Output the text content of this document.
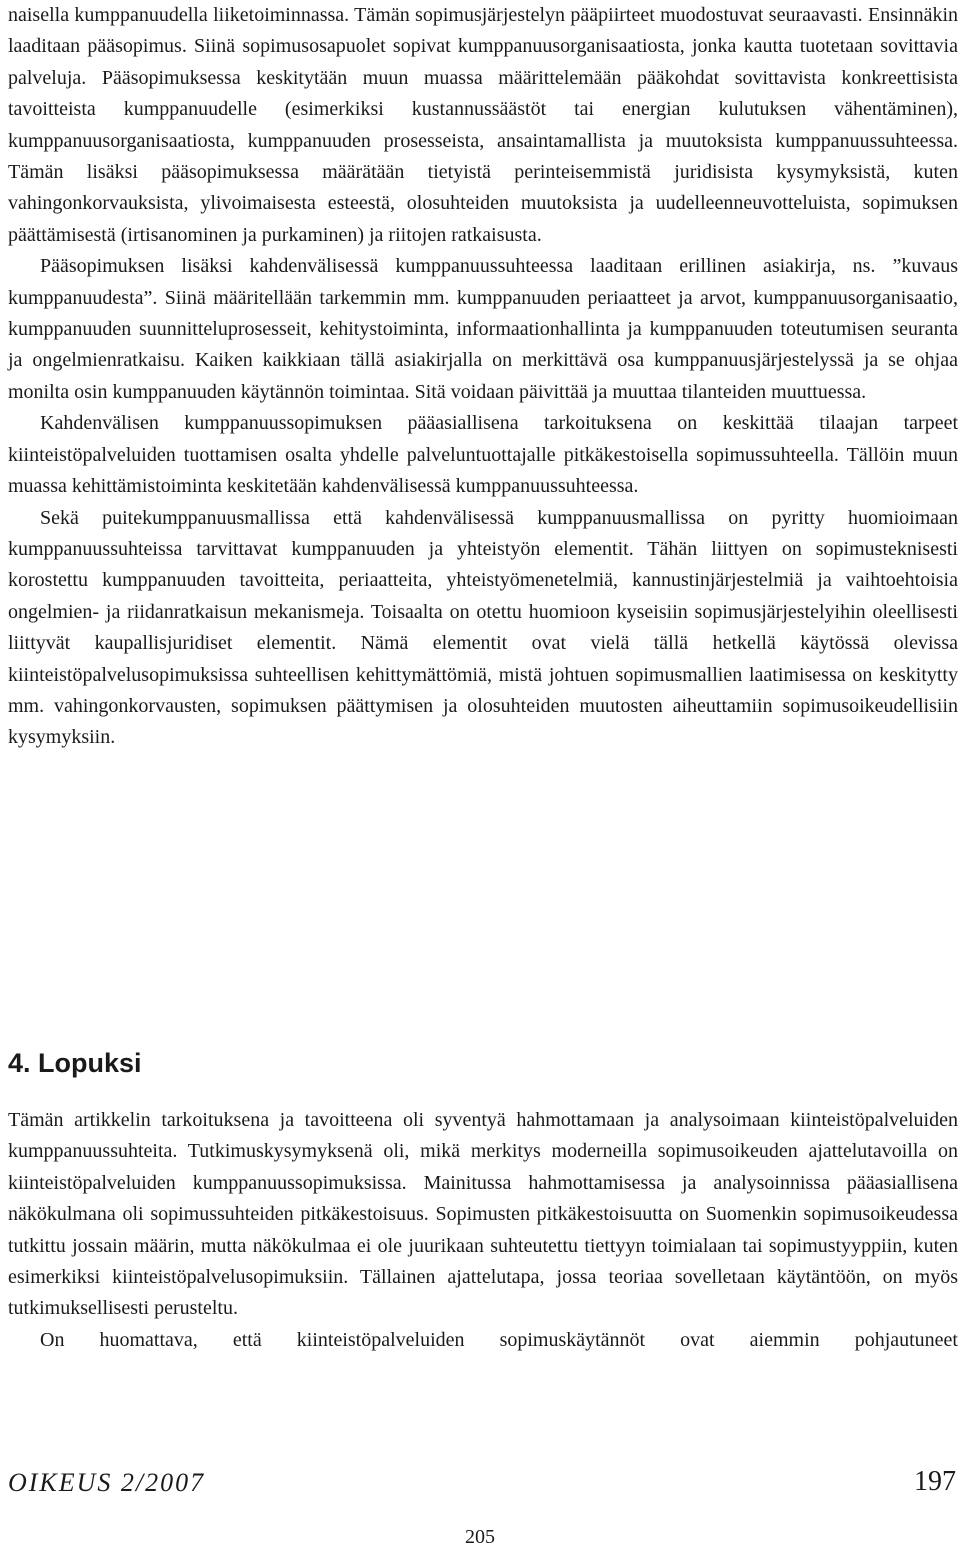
naisella kumppanuudella liiketoiminnassa. Tämän sopimusjärjestelyn pääpiirteet muodostuvat seuraavasti. Ensinnäkin laaditaan pääsopimus. Siinä sopimusosapuolet sopivat kumppanuusorganisaatiosta, jonka kautta tuotetaan sovittavia palveluja. Pääsopimuksessa keskitytään muun muassa määrittelemään pääkohdat sovittavista konkreettisista tavoitteista kumppanuudelle (esimerkiksi kustannussäästöt tai energian kulutuksen vähentäminen), kumppanuusorganisaatiosta, kumppanuuden prosesseista, ansaintamallista ja muutoksista kumppanuussuhteessa. Tämän lisäksi pääsopimuksessa määrätään tietyistä perinteisemmistä juridisista kysymyksistä, kuten vahingonkorvauksista, ylivoimaisesta esteestä, olosuhteiden muutoksista ja uudelleenneuvotteluista, sopimuksen päättämisestä (irtisanominen ja purkaminen) ja riitojen ratkaisusta.

Pääsopimuksen lisäksi kahdenvälisessä kumppanuussuhteessa laaditaan erillinen asiakirja, ns. ”kuvaus kumppanuudesta”. Siinä määritellään tarkemmin mm. kumppanuuden periaatteet ja arvot, kumppanuusorganisaatio, kumppanuuden suunnitteluprosesseit, kehitystoiminta, informaationhallinta ja kumppanuuden toteutumisen seuranta ja ongelmienratkaisu. Kaiken kaikkiaan tällä asiakirjalla on merkittävä osa kumppanuusjärjestelyssä ja se ohjaa monilta osin kumppanuuden käytännön toimintaa. Sitä voidaan päivittää ja muuttaa tilanteiden muuttuessa.

Kahdenvälisen kumppanuussopimuksen pääasiallisena tarkoituksena on keskittää tilaajan tarpeet kiinteistöpalveluiden tuottamisen osalta yhdelle palveluntuottajalle pitkäkestoisella sopimussuhteella. Tällöin muun muassa kehittämistoiminta keskitetään kahdenvälisessä kumppanuussuhteessa.

Sekä puitekumppanuusmallissa että kahdenvälisessä kumppanuusmallissa on pyritty huomioimaan kumppanuussuhteissa tarvittavat kumppanuuden ja yhteistyön elementit. Tähän liittyen on sopimusteknisesti korostettu kumppanuuden tavoitteita, periaatteita, yhteistyömenetelmiä, kannustinjärjestelmiä ja vaihtoehtoisia ongelmien- ja riidanratkaisun mekanismeja. Toisaalta on otettu huomioon kyseisiin sopimusjärjestelyihin oleellisesti liittyvät kaupallisjuridiset elementit. Nämä elementit ovat vielä tällä hetkellä käytössä olevissa kiinteistöpalvelusopimuksissa suhteellisen kehittymättömiä, mistä johtuen sopimusmallien laatimisessa on keskitytty mm. vahingonkorvausten, sopimuksen päättymisen ja olosuhteiden muutosten aiheuttamiin sopimusoikeudellisiin kysymyksiin.

4. Lopuksi

Tämän artikkelin tarkoituksena ja tavoitteena oli syventyä hahmottamaan ja analysoimaan kiinteistöpalveluiden kumppanuussuhteita. Tutkimuskysymyksenä oli, mikä merkitys moderneilla sopimusoikeuden ajattelutavoilla on kiinteistöpalveluiden kumppanuussopimuksissa. Mainitussa hahmottamisessa ja analysoinnissa pääasiallisena näkökulmana oli sopimussuhteiden pitkäkestoisuus. Sopimusten pitkäkestoisuutta on Suomenkin sopimusoikeudessa tutkittu jossain määrin, mutta näkökulmaa ei ole juurikaan suhteutettu tiettyyn toimialaan tai sopimustyyppiin, kuten esimerkiksi kiinteistöpalvelusopimuksiin. Tällainen ajattelutapa, jossa teoriaa sovelletaan käytäntöön, on myös tutkimuksellisesti perusteltu.

On huomattava, että kiinteistöpalveluiden sopimuskäytännöt ovat aiemmin pohjautuneet

OIKEUS 2/2007	197

205
